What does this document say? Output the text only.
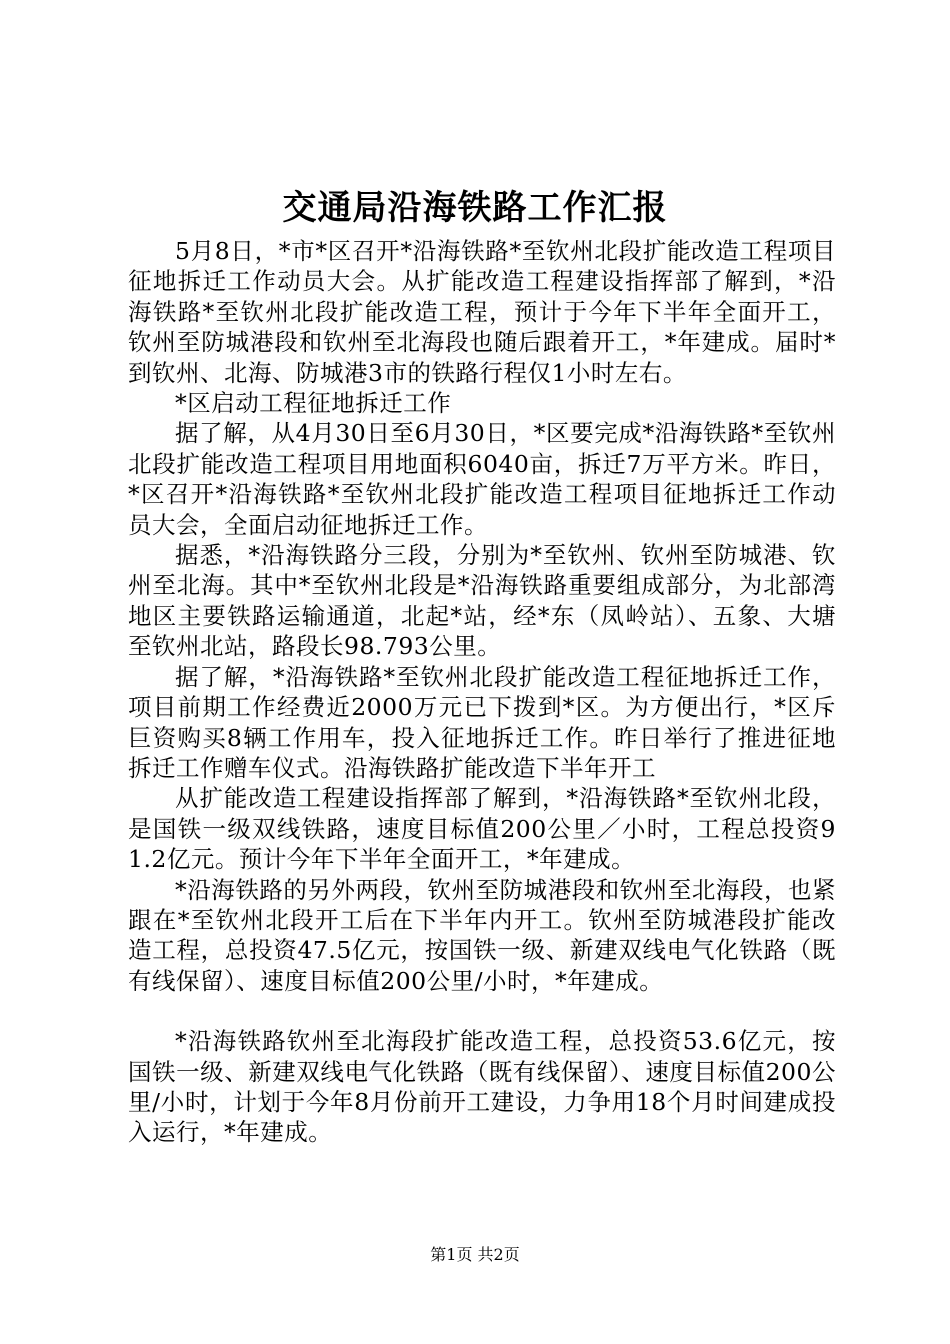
交通局沿海铁路工作汇报

5月8日，*市*区召开*沿海铁路*至钦州北段扩能改造工程项目征地拆迁工作动员大会。从扩能改造工程建设指挥部了解到，*沿海铁路*至钦州北段扩能改造工程，预计于今年下半年全面开工，钦州至防城港段和钦州至北海段也随后跟着开工，*年建成。届时*到钦州、北海、防城港3市的铁路行程仅1小时左右。

*区启动工程征地拆迁工作

据了解，从4月30日至6月30日，*区要完成*沿海铁路*至钦州北段扩能改造工程项目用地面积6040亩，拆迁7万平方米。昨日，*区召开*沿海铁路*至钦州北段扩能改造工程项目征地拆迁工作动员大会，全面启动征地拆迁工作。

据悉，*沿海铁路分三段，分别为*至钦州、钦州至防城港、钦州至北海。其中*至钦州北段是*沿海铁路重要组成部分，为北部湾地区主要铁路运输通道，北起*站，经*东（凤岭站）、五象、大塘至钦州北站，路段长98.793公里。

据了解，*沿海铁路*至钦州北段扩能改造工程征地拆迁工作，项目前期工作经费近2000万元已下拨到*区。为方便出行，*区斥巨资购买8辆工作用车，投入征地拆迁工作。昨日举行了推进征地拆迁工作赠车仪式。沿海铁路扩能改造下半年开工

从扩能改造工程建设指挥部了解到，*沿海铁路*至钦州北段，是国铁一级双线铁路，速度目标值200公里／小时，工程总投资91.2亿元。预计今年下半年全面开工，*年建成。

*沿海铁路的另外两段，钦州至防城港段和钦州至北海段，也紧跟在*至钦州北段开工后在下半年内开工。钦州至防城港段扩能改造工程，总投资47.5亿元，按国铁一级、新建双线电气化铁路（既有线保留）、速度目标值200公里/小时，*年建成。

*沿海铁路钦州至北海段扩能改造工程，总投资53.6亿元，按国铁一级、新建双线电气化铁路（既有线保留）、速度目标值200公里/小时，计划于今年8月份前开工建设，力争用18个月时间建成投入运行，*年建成。

第1页 共2页
